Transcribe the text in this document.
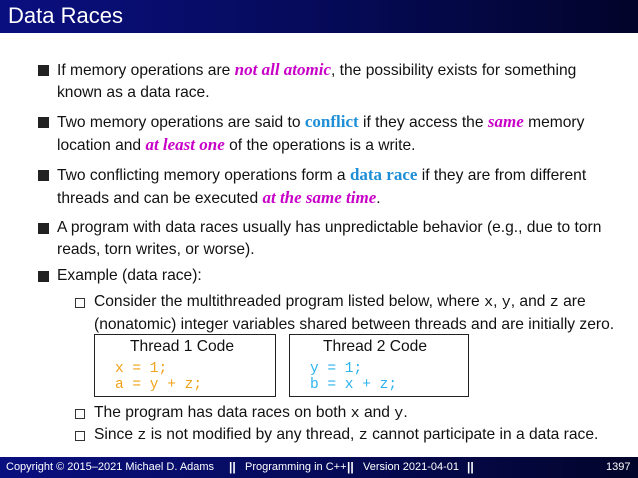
Data Races
If memory operations are not all atomic, the possibility exists for something known as a data race.
Two memory operations are said to conflict if they access the same memory location and at least one of the operations is a write.
Two conflicting memory operations form a data race if they are from different threads and can be executed at the same time.
A program with data races usually has unpredictable behavior (e.g., due to torn reads, torn writes, or worse).
Example (data race):
Consider the multithreaded program listed below, where x, y, and z are (nonatomic) integer variables shared between threads and are initially zero.
Thread 1 Code
x = 1;
a = y + z;
Thread 2 Code
y = 1;
b = x + z;
The program has data races on both x and y.
Since z is not modified by any thread, z cannot participate in a data race.
Copyright © 2015–2021 Michael D. Adams || Programming in C++ || Version 2021-04-01 ||	1397
